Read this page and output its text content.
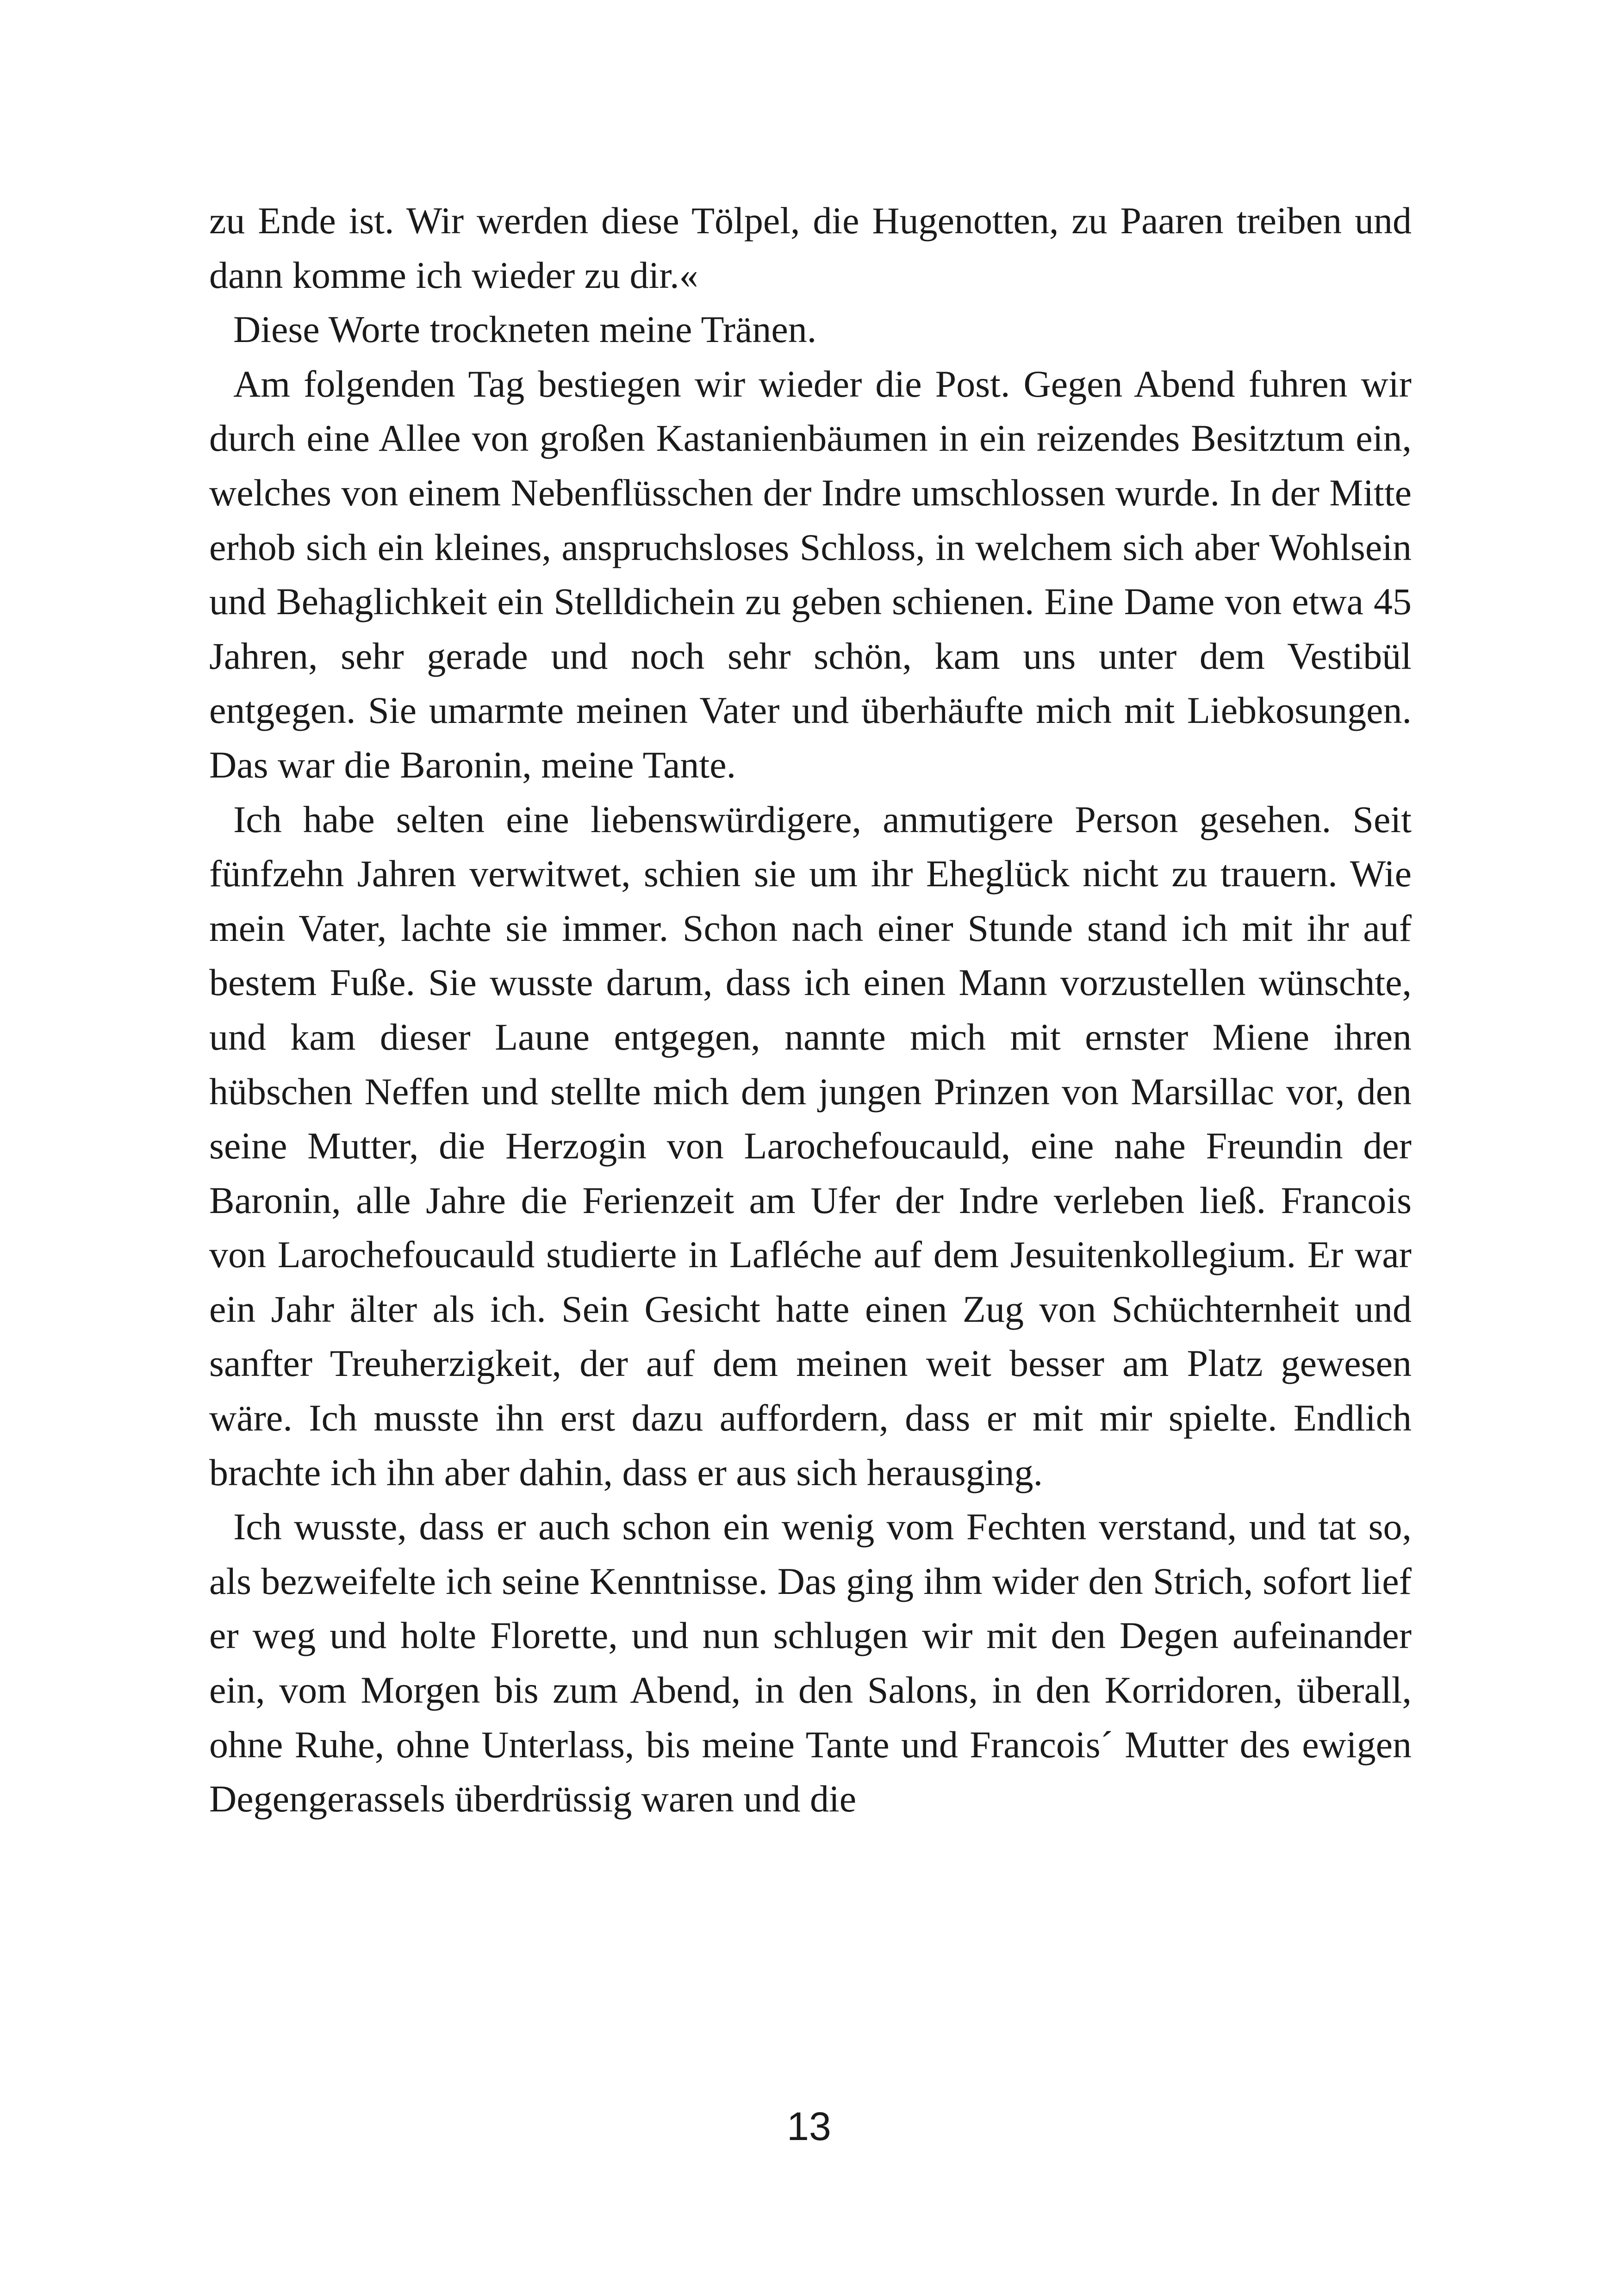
zu Ende ist. Wir werden diese Tölpel, die Hugenotten, zu Paaren treiben und dann komme ich wieder zu dir.«

Diese Worte trockneten meine Tränen.

Am folgenden Tag bestiegen wir wieder die Post. Gegen Abend fuhren wir durch eine Allee von großen Kastanienbäumen in ein reizendes Besitztum ein, welches von einem Nebenflüsschen der Indre umschlossen wurde. In der Mitte erhob sich ein kleines, anspruchsloses Schloss, in welchem sich aber Wohlsein und Behaglichkeit ein Stelldichein zu geben schienen. Eine Dame von etwa 45 Jahren, sehr gerade und noch sehr schön, kam uns unter dem Vestibül entgegen. Sie umarmte meinen Vater und überhäufte mich mit Liebkosungen. Das war die Baronin, meine Tante.

Ich habe selten eine liebenswürdigere, anmutigere Person gesehen. Seit fünfzehn Jahren verwitwet, schien sie um ihr Eheglück nicht zu trauern. Wie mein Vater, lachte sie immer. Schon nach einer Stunde stand ich mit ihr auf bestem Fuße. Sie wusste darum, dass ich einen Mann vorzustellen wünschte, und kam dieser Laune entgegen, nannte mich mit ernster Miene ihren hübschen Neffen und stellte mich dem jungen Prinzen von Marsillac vor, den seine Mutter, die Herzogin von Larochefoucauld, eine nahe Freundin der Baronin, alle Jahre die Ferienzeit am Ufer der Indre verleben ließ. Francois von Larochefoucauld studierte in Lafléche auf dem Jesuitenkollegium. Er war ein Jahr älter als ich. Sein Gesicht hatte einen Zug von Schüchternheit und sanfter Treuherzigkeit, der auf dem meinen weit besser am Platz gewesen wäre. Ich musste ihn erst dazu auffordern, dass er mit mir spielte. Endlich brachte ich ihn aber dahin, dass er aus sich herausging.

Ich wusste, dass er auch schon ein wenig vom Fechten verstand, und tat so, als bezweifelte ich seine Kenntnisse. Das ging ihm wider den Strich, sofort lief er weg und holte Florette, und nun schlugen wir mit den Degen aufeinander ein, vom Morgen bis zum Abend, in den Salons, in den Korridoren, überall, ohne Ruhe, ohne Unterlass, bis meine Tante und Francois´ Mutter des ewigen Degengerassels überdrüssig waren und die

13
